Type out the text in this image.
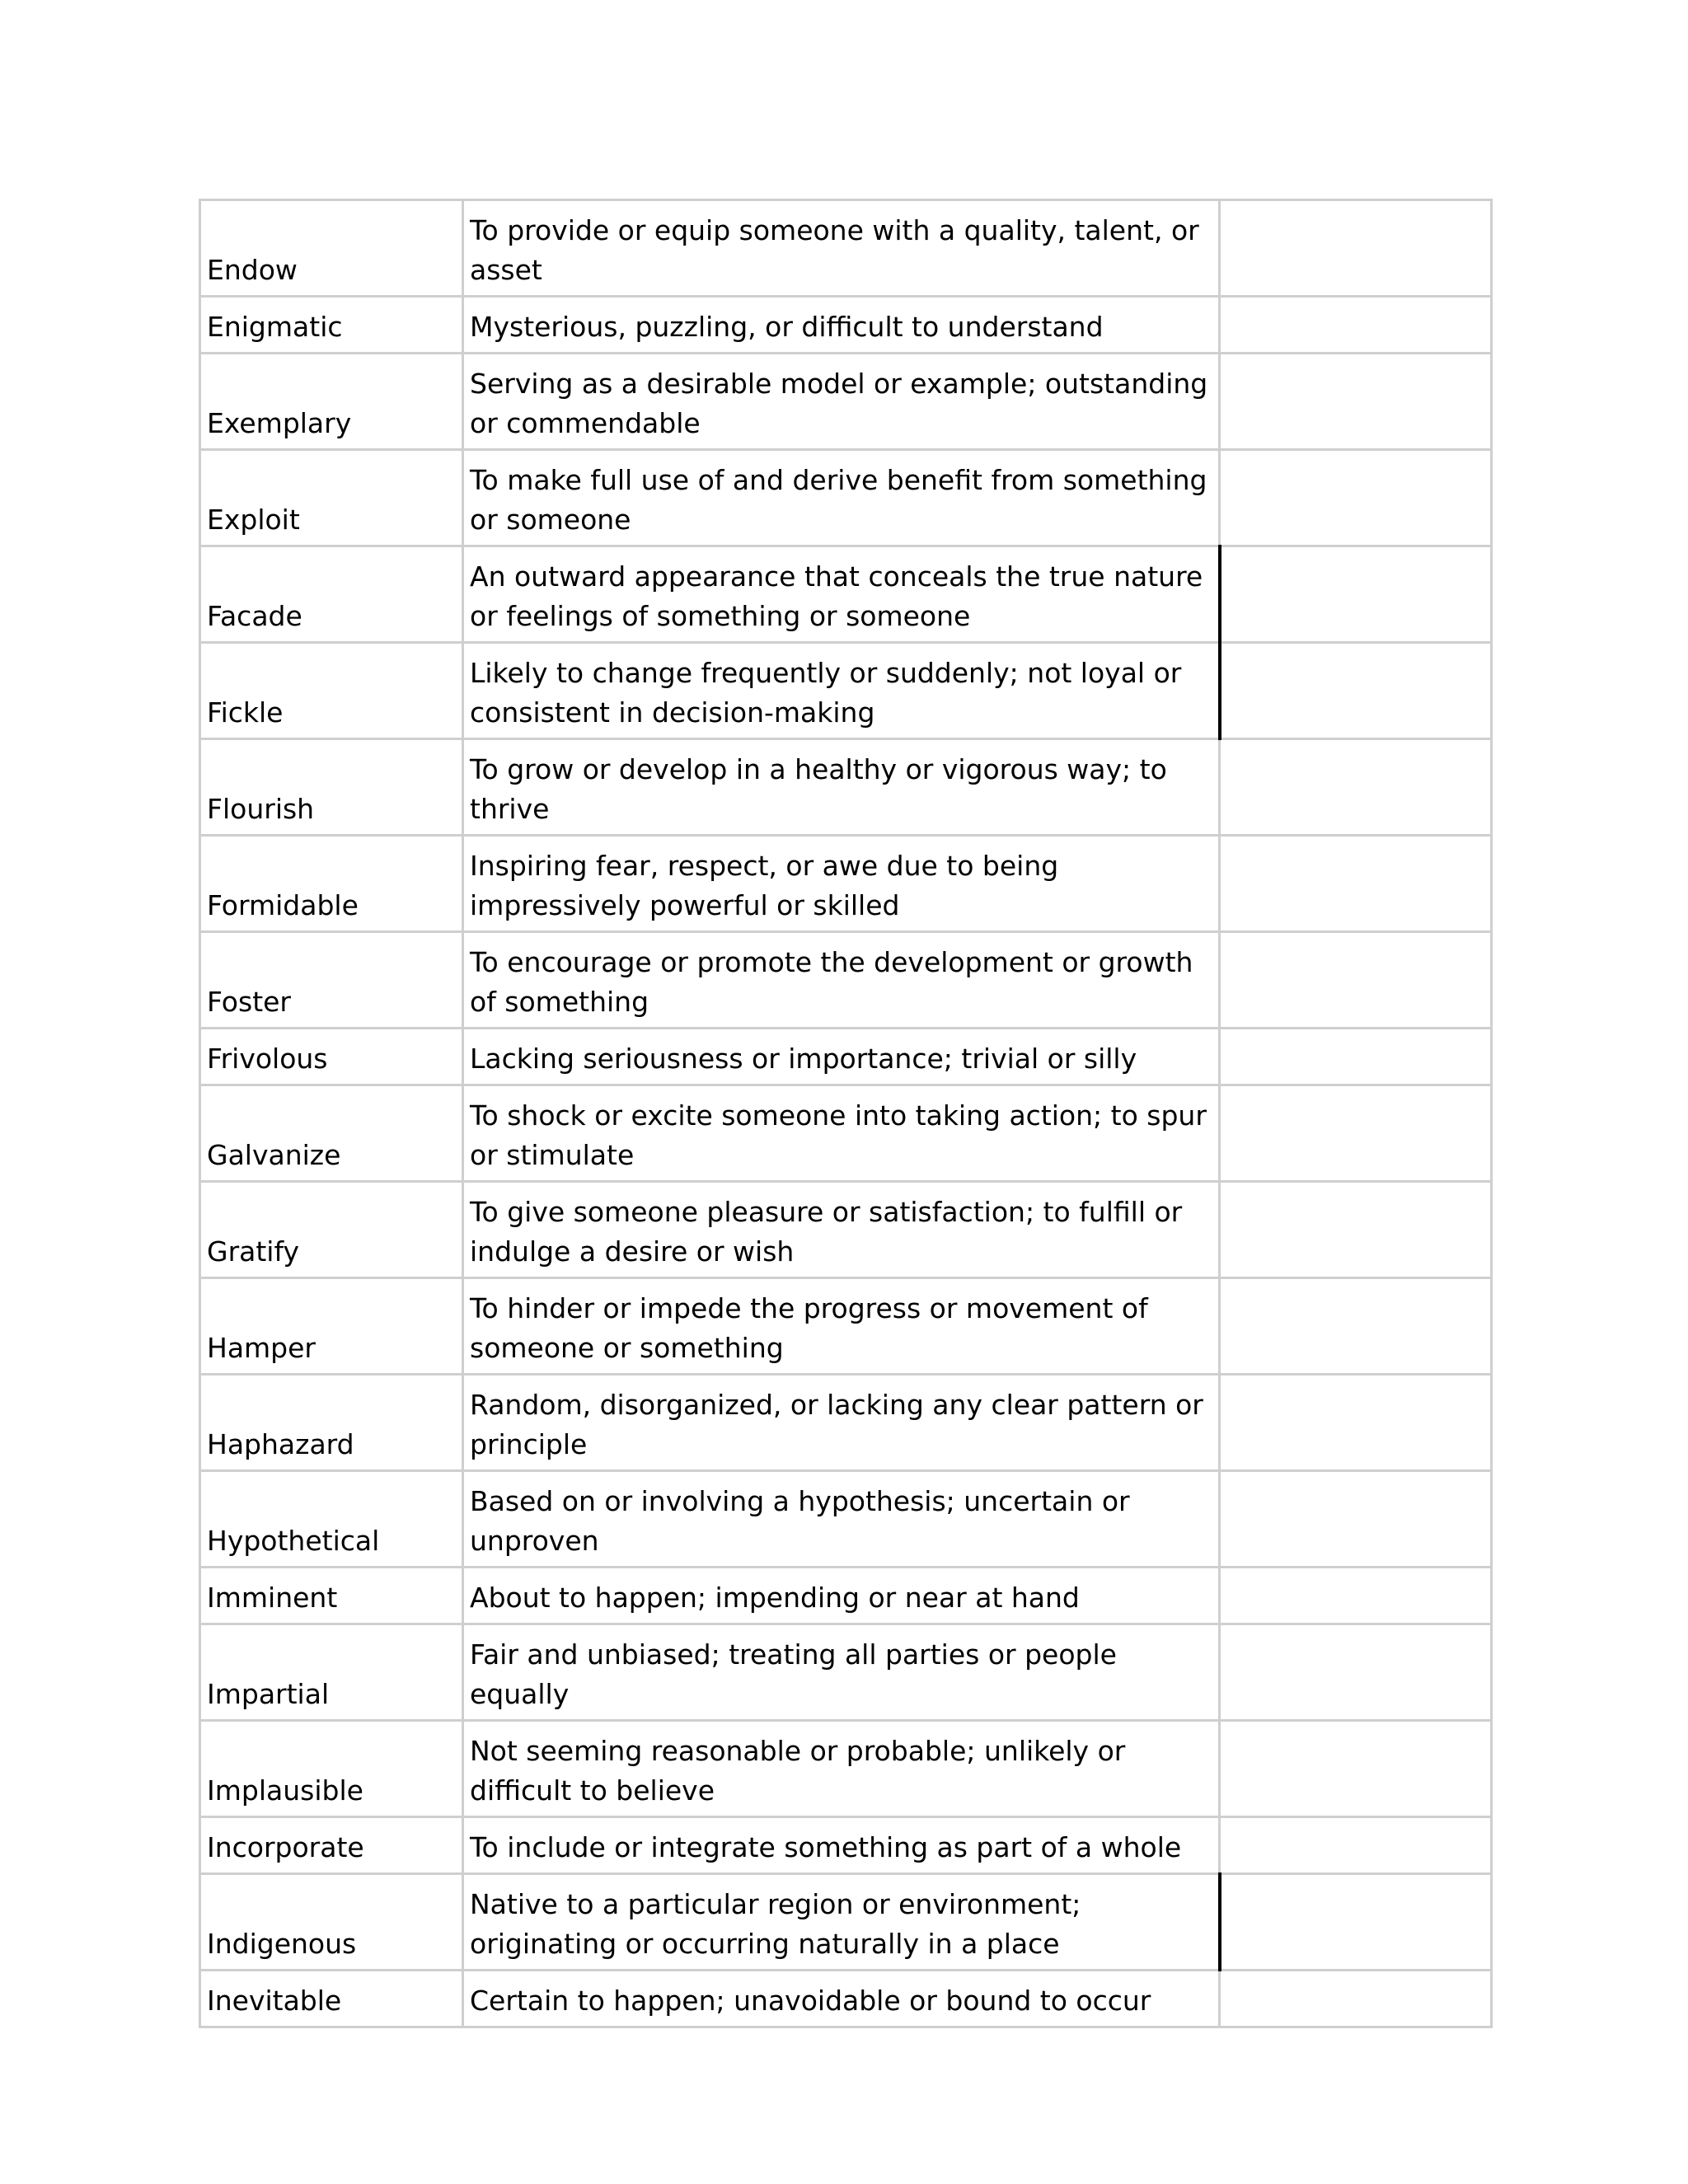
Endow	To provide or equip someone with a quality, talent, or asset	
Enigmatic	Mysterious, puzzling, or difficult to understand	
Exemplary	Serving as a desirable model or example; outstanding or commendable	
Exploit	To make full use of and derive benefit from something or someone	
Facade	An outward appearance that conceals the true nature or feelings of something or someone	
Fickle	Likely to change frequently or suddenly; not loyal or consistent in decision-making	
Flourish	To grow or develop in a healthy or vigorous way; to thrive	
Formidable	Inspiring fear, respect, or awe due to being impressively powerful or skilled	
Foster	To encourage or promote the development or growth of something	
Frivolous	Lacking seriousness or importance; trivial or silly	
Galvanize	To shock or excite someone into taking action; to spur or stimulate	
Gratify	To give someone pleasure or satisfaction; to fulfill or indulge a desire or wish	
Hamper	To hinder or impede the progress or movement of someone or something	
Haphazard	Random, disorganized, or lacking any clear pattern or principle	
Hypothetical	Based on or involving a hypothesis; uncertain or unproven	
Imminent	About to happen; impending or near at hand	
Impartial	Fair and unbiased; treating all parties or people equally	
Implausible	Not seeming reasonable or probable; unlikely or difficult to believe	
Incorporate	To include or integrate something as part of a whole	
Indigenous	Native to a particular region or environment; originating or occurring naturally in a place	
Inevitable	Certain to happen; unavoidable or bound to occur	
